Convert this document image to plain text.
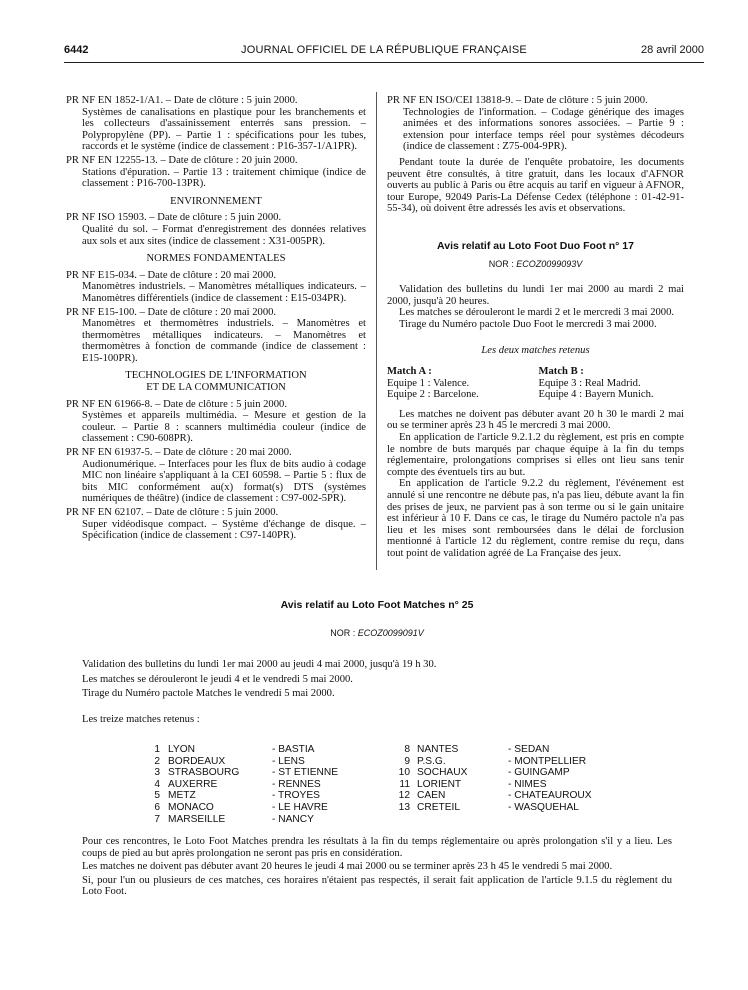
6442	JOURNAL OFFICIEL DE LA RÉPUBLIQUE FRANÇAISE	28 avril 2000
PR NF EN 1852-1/A1. – Date de clôture : 5 juin 2000.
Systèmes de canalisations en plastique pour les branchements et les collecteurs d'assainissement enterrés sans pression. – Polypropylène (PP). – Partie 1 : spécifications pour les tubes, raccords et le système (indice de classement : P16-357-1/A1PR).
PR NF EN 12255-13. – Date de clôture : 20 juin 2000.
Stations d'épuration. – Partie 13 : traitement chimique (indice de classement : P16-700-13PR).
ENVIRONNEMENT
PR NF ISO 15903. – Date de clôture : 5 juin 2000.
Qualité du sol. – Format d'enregistrement des données relatives aux sols et aux sites (indice de classement : X31-005PR).
NORMES FONDAMENTALES
PR NF E15-034. – Date de clôture : 20 mai 2000.
Manomètres industriels. – Manomètres métalliques indicateurs. – Manomètres différentiels (indice de classement : E15-034PR).
PR NF E15-100. – Date de clôture : 20 mai 2000.
Manomètres et thermomètres industriels. – Manomètres et thermomètres métalliques indicateurs. – Manomètres et thermomètres à fonction de commande (indice de classement : E15-100PR).
TECHNOLOGIES DE L'INFORMATION
ET DE LA COMMUNICATION
PR NF EN 61966-8. – Date de clôture : 5 juin 2000.
Systèmes et appareils multimédia. – Mesure et gestion de la couleur. – Partie 8 : scanners multimédia couleur (indice de classement : C90-608PR).
PR NF EN 61937-5. – Date de clôture : 20 mai 2000.
Audionumérique. – Interfaces pour les flux de bits audio à codage MIC non linéaire s'appliquant à la CEI 60598. – Partie 5 : flux de bits MIC conformément au(x) format(s) DTS (systèmes numériques de théâtre) (indice de classement : C97-002-5PR).
PR NF EN 62107. – Date de clôture : 5 juin 2000.
Super vidéodisque compact. – Système d'échange de disque. – Spécification (indice de classement : C97-140PR).
PR NF EN ISO/CEI 13818-9. – Date de clôture : 5 juin 2000.
Technologies de l'information. – Codage générique des images animées et des informations sonores associées. – Partie 9 : extension pour interface temps réel pour systèmes décodeurs (indice de classement : Z75-004-9PR).
Pendant toute la durée de l'enquête probatoire, les documents peuvent être consultés, à titre gratuit, dans les locaux d'AFNOR ouverts au public à Paris ou être acquis au tarif en vigueur à AFNOR, tour Europe, 92049 Paris-La Défense Cedex (téléphone : 01-42-91-55-34), où doivent être adressés les avis et observations.
Avis relatif au Loto Foot Duo Foot n° 17
NOR : ECOZ0099093V
Validation des bulletins du lundi 1er mai 2000 au mardi 2 mai 2000, jusqu'à 20 heures.
Les matches se dérouleront le mardi 2 et le mercredi 3 mai 2000.
Tirage du Numéro pactole Duo Foot le mercredi 3 mai 2000.
Les deux matches retenus
Match A :	Match B :
Equipe 1 : Valence.	Equipe 3 : Real Madrid.
Equipe 2 : Barcelone.	Equipe 4 : Bayern Munich.
Les matches ne doivent pas débuter avant 20 h 30 le mardi 2 mai ou se terminer après 23 h 45 le mercredi 3 mai 2000.
En application de l'article 9.2.1.2 du règlement, est pris en compte le nombre de buts marqués par chaque équipe à la fin du temps réglementaire, prolongations comprises si elles ont lieu sans tenir compte des éventuels tirs au but.
En application de l'article 9.2.2 du règlement, l'événement est annulé si une rencontre ne débute pas, n'a pas lieu, débute avant la fin des prises de jeux, ne parvient pas à son terme ou si le gain unitaire est inférieur à 10 F. Dans ce cas, le tirage du Numéro pactole n'a pas lieu et les mises sont remboursées dans le délai de forclusion mentionné à l'article 12 du règlement, contre remise du reçu, dans tout point de validation agréé de La Française des jeux.
Avis relatif au Loto Foot Matches n° 25
NOR : ECOZ0099091V
Validation des bulletins du lundi 1er mai 2000 au jeudi 4 mai 2000, jusqu'à 19 h 30.
Les matches se dérouleront le jeudi 4 et le vendredi 5 mai 2000.
Tirage du Numéro pactole Matches le vendredi 5 mai 2000.
Les treize matches retenus :
1 LYON	- BASTIA	8 NANTES	- SEDAN
2 BORDEAUX	- LENS	9 P.S.G.	- MONTPELLIER
3 STRASBOURG	- ST ETIENNE	10 SOCHAUX	- GUINGAMP
4 AUXERRE	- RENNES	11 LORIENT	- NIMES
5 METZ	- TROYES	12 CAEN	- CHATEAUROUX
6 MONACO	- LE HAVRE	13 CRETEIL	- WASQUEHAL
7 MARSEILLE	- NANCY
Pour ces rencontres, le Loto Foot Matches prendra les résultats à la fin du temps réglementaire ou après prolongation s'il y a lieu. Les coups de pied au but après prolongation ne seront pas pris en considération.
Les matches ne doivent pas débuter avant 20 heures le jeudi 4 mai 2000 ou se terminer après 23 h 45 le vendredi 5 mai 2000.
Si, pour l'un ou plusieurs de ces matches, ces horaires n'étaient pas respectés, il serait fait application de l'article 9.1.5 du règlement du Loto Foot.
